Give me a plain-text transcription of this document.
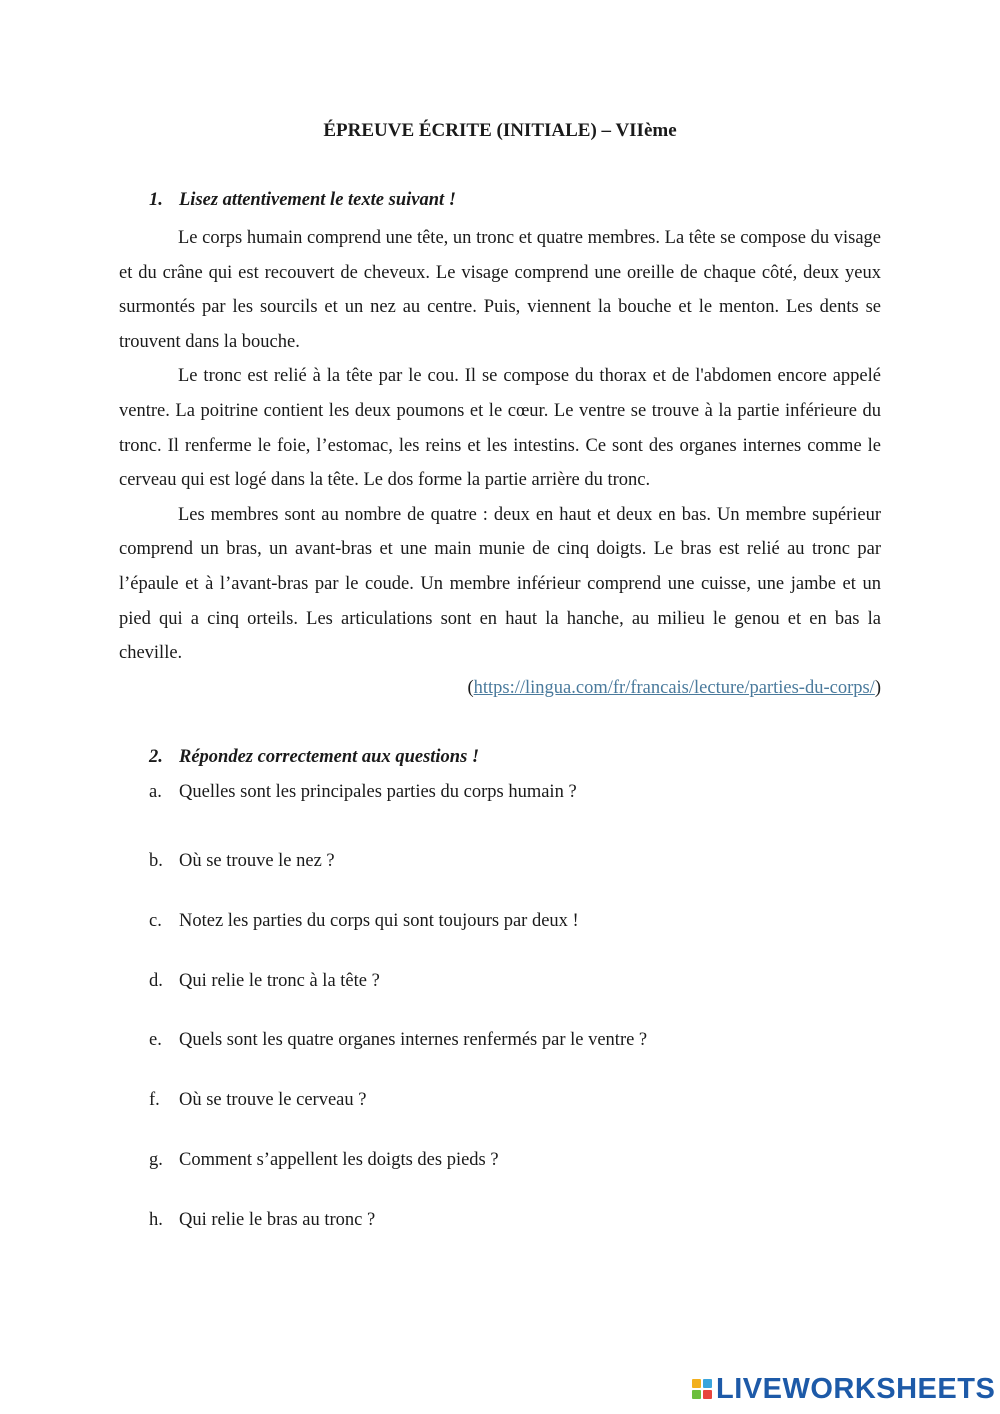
ÉPREUVE ÉCRITE (INITIALE) – VIIème
1. Lisez attentivement le texte suivant !

Le corps humain comprend une tête, un tronc et quatre membres. La tête se compose du visage et du crâne qui est recouvert de cheveux. Le visage comprend une oreille de chaque côté, deux yeux surmontés par les sourcils et un nez au centre. Puis, viennent la bouche et le menton. Les dents se trouvent dans la bouche.

Le tronc est relié à la tête par le cou. Il se compose du thorax et de l'abdomen encore appelé ventre. La poitrine contient les deux poumons et le cœur. Le ventre se trouve à la partie inférieure du tronc. Il renferme le foie, l’estomac, les reins et les intestins. Ce sont des organes internes comme le cerveau qui est logé dans la tête. Le dos forme la partie arrière du tronc.

Les membres sont au nombre de quatre : deux en haut et deux en bas. Un membre supérieur comprend un bras, un avant-bras et une main munie de cinq doigts. Le bras est relié au tronc par l’épaule et à l’avant-bras par le coude. Un membre inférieur comprend une cuisse, une jambe et un pied qui a cinq orteils. Les articulations sont en haut la hanche, au milieu le genou et en bas la cheville.

(https://lingua.com/fr/francais/lecture/parties-du-corps/)

2. Répondez correctement aux questions !
a. Quelles sont les principales parties du corps humain ?
b. Où se trouve le nez ?
c. Notez les parties du corps qui sont toujours par deux !
d. Qui relie le tronc à la tête ?
e. Quels sont les quatre organes internes renfermés par le ventre ?
f. Où se trouve le cerveau ?
g. Comment s’appellent les doigts des pieds ?
h. Qui relie le bras au tronc ?
LIVEWORKSHEETS
